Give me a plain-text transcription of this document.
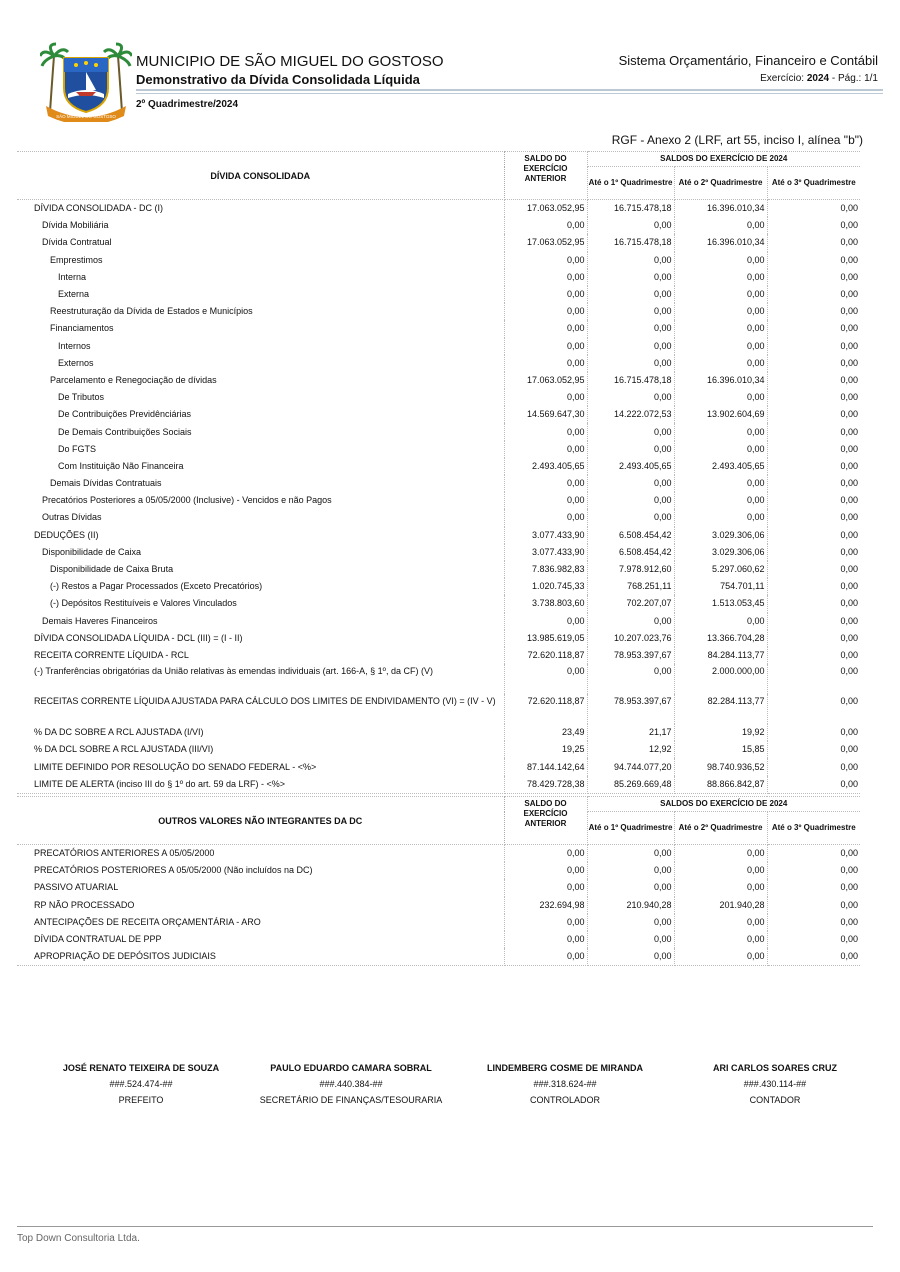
SÃO MIGUEL DO GOSTOSO
MUNICIPIO DE SÃO MIGUEL DO GOSTOSO
Demonstrativo da Dívida Consolidada Líquida
2º Quadrimestre/2024
Sistema Orçamentário, Financeiro e Contábil
Exercício: 2024 - Pág.: 1/1
RGF - Anexo 2 (LRF, art 55, inciso I, alínea "b")
DÍVIDA CONSOLIDADA	SALDO DO EXERCÍCIO ANTERIOR	SALDOS DO EXERCÍCIO DE 2024		
		Até o 1º Quadrimestre	Até o 2º Quadrimestre	Até o 3º Quadrimestre
DÍVIDA CONSOLIDADA - DC (I)	17.063.052,95	16.715.478,18	16.396.010,34	0,00
Dívida Mobiliária	0,00	0,00	0,00	0,00
Dívida Contratual	17.063.052,95	16.715.478,18	16.396.010,34	0,00
Emprestimos	0,00	0,00	0,00	0,00
Interna	0,00	0,00	0,00	0,00
Externa	0,00	0,00	0,00	0,00
Reestruturação da Dívida de Estados e Municípios	0,00	0,00	0,00	0,00
Financiamentos	0,00	0,00	0,00	0,00
Internos	0,00	0,00	0,00	0,00
Externos	0,00	0,00	0,00	0,00
Parcelamento e Renegociação de dívidas	17.063.052,95	16.715.478,18	16.396.010,34	0,00
De Tributos	0,00	0,00	0,00	0,00
De Contribuições Previdênciárias	14.569.647,30	14.222.072,53	13.902.604,69	0,00
De Demais Contribuições Sociais	0,00	0,00	0,00	0,00
Do FGTS	0,00	0,00	0,00	0,00
Com Instituição Não Financeira	2.493.405,65	2.493.405,65	2.493.405,65	0,00
Demais Dívidas Contratuais	0,00	0,00	0,00	0,00
Precatórios Posteriores a 05/05/2000 (Inclusive) - Vencidos e não Pagos	0,00	0,00	0,00	0,00
Outras Dívidas	0,00	0,00	0,00	0,00
DEDUÇÕES (II)	3.077.433,90	6.508.454,42	3.029.306,06	0,00
Disponibilidade de Caixa	3.077.433,90	6.508.454,42	3.029.306,06	0,00
Disponibilidade de Caixa Bruta	7.836.982,83	7.978.912,60	5.297.060,62	0,00
(-) Restos a Pagar Processados (Exceto Precatórios)	1.020.745,33	768.251,11	754.701,11	0,00
(-) Depósitos Restituíveis e Valores Vinculados	3.738.803,60	702.207,07	1.513.053,45	0,00
Demais Haveres Financeiros	0,00	0,00	0,00	0,00
DÍVIDA CONSOLIDADA LÍQUIDA - DCL (III) = (I - II)	13.985.619,05	10.207.023,76	13.366.704,28	0,00
RECEITA CORRENTE LÍQUIDA - RCL	72.620.118,87	78.953.397,67	84.284.113,77	0,00
(-) Tranferências obrigatórias da União relativas às emendas individuais (art. 166-A, § 1º, da CF) (V)	0,00	0,00	2.000.000,00	0,00
RECEITAS CORRENTE LÍQUIDA AJUSTADA PARA CÁLCULO DOS LIMITES DE ENDIVIDAMENTO (VI) = (IV - V)	72.620.118,87	78.953.397,67	82.284.113,77	0,00
% DA DC SOBRE A RCL AJUSTADA (I/VI)	23,49	21,17	19,92	0,00
% DA DCL SOBRE A RCL AJUSTADA (III/VI)	19,25	12,92	15,85	0,00
LIMITE DEFINIDO POR RESOLUÇÃO DO SENADO FEDERAL - <%>	87.144.142,64	94.744.077,20	98.740.936,52	0,00
LIMITE DE ALERTA (inciso III do § 1º do art. 59 da LRF) - <%>	78.429.728,38	85.269.669,48	88.866.842,87	0,00
OUTROS VALORES NÃO INTEGRANTES DA DC	SALDO DO EXERCÍCIO ANTERIOR	SALDOS DO EXERCÍCIO DE 2024		
		Até o 1º Quadrimestre	Até o 2º Quadrimestre	Até o 3º Quadrimestre
PRECATÓRIOS ANTERIORES A 05/05/2000	0,00	0,00	0,00	0,00
PRECATÓRIOS POSTERIORES A 05/05/2000 (Não incluídos na DC)	0,00	0,00	0,00	0,00
PASSIVO ATUARIAL	0,00	0,00	0,00	0,00
RP NÃO PROCESSADO	232.694,98	210.940,28	201.940,28	0,00
ANTECIPAÇÕES DE RECEITA ORÇAMENTÁRIA - ARO	0,00	0,00	0,00	0,00
DÍVIDA CONTRATUAL DE PPP	0,00	0,00	0,00	0,00
APROPRIAÇÃO DE DEPÓSITOS JUDICIAIS	0,00	0,00	0,00	0,00
JOSÉ RENATO TEIXEIRA DE SOUZA
###.524.474-##
PREFEITO
PAULO EDUARDO CAMARA SOBRAL
###.440.384-##
SECRETÁRIO DE FINANÇAS/TESOURARIA
LINDEMBERG COSME DE MIRANDA
###.318.624-##
CONTROLADOR
ARI CARLOS SOARES CRUZ
###.430.114-##
CONTADOR
Top Down Consultoria Ltda.
